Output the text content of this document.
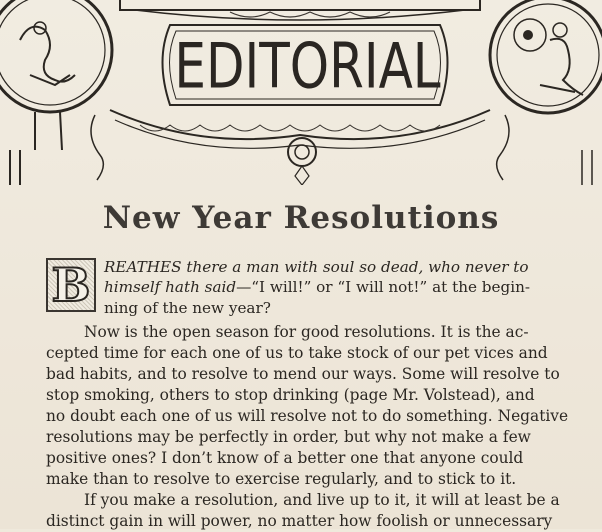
EDITORIAL
New Year Resolutions
B REATHES there a man with soul so dead, who never to
himself hath said—“I will!” or “I will not!” at the begin-
ning of the new year?
Now is the open season for good resolutions. It is the ac-
cepted time for each one of us to take stock of our pet vices and
bad habits, and to resolve to mend our ways. Some will resolve to
stop smoking, others to stop drinking (page Mr. Volstead), and
no doubt each one of us will resolve not to do something. Negative
resolutions may be perfectly in order, but why not make a few
positive ones? I don’t know of a better one that anyone could
make than to resolve to exercise regularly, and to stick to it.
If you make a resolution, and live up to it, it will at least be a
distinct gain in will power, no matter how foolish or unnecessary
